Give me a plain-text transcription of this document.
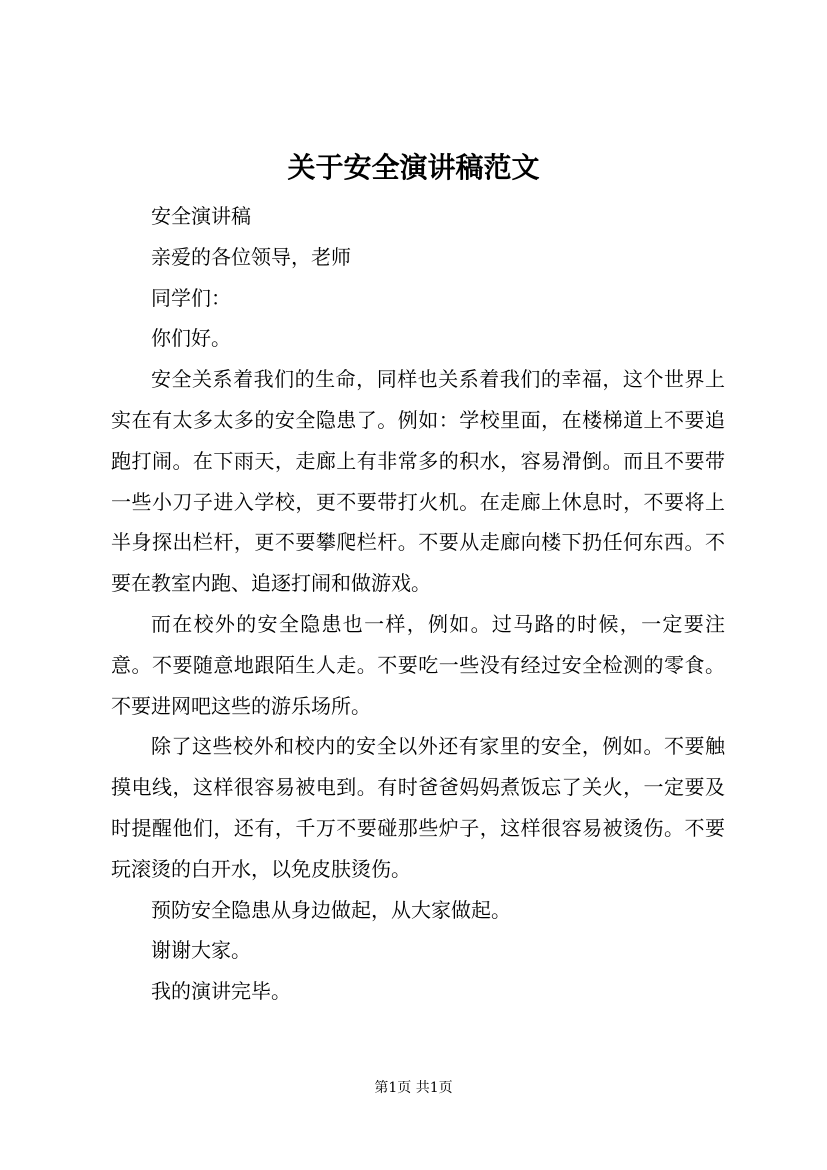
关于安全演讲稿范文

安全演讲稿

亲爱的各位领导，老师

同学们：

你们好。

安全关系着我们的生命，同样也关系着我们的幸福，这个世界上实在有太多太多的安全隐患了。例如：学校里面，在楼梯道上不要追跑打闹。在下雨天，走廊上有非常多的积水，容易滑倒。而且不要带一些小刀子进入学校，更不要带打火机。在走廊上休息时，不要将上半身探出栏杆，更不要攀爬栏杆。不要从走廊向楼下扔任何东西。不要在教室内跑、追逐打闹和做游戏。

而在校外的安全隐患也一样，例如。过马路的时候，一定要注意。不要随意地跟陌生人走。不要吃一些没有经过安全检测的零食。不要进网吧这些的游乐场所。

除了这些校外和校内的安全以外还有家里的安全，例如。不要触摸电线，这样很容易被电到。有时爸爸妈妈煮饭忘了关火，一定要及时提醒他们，还有，千万不要碰那些炉子，这样很容易被烫伤。不要玩滚烫的白开水，以免皮肤烫伤。

预防安全隐患从身边做起，从大家做起。

谢谢大家。

我的演讲完毕。

第1页 共1页
